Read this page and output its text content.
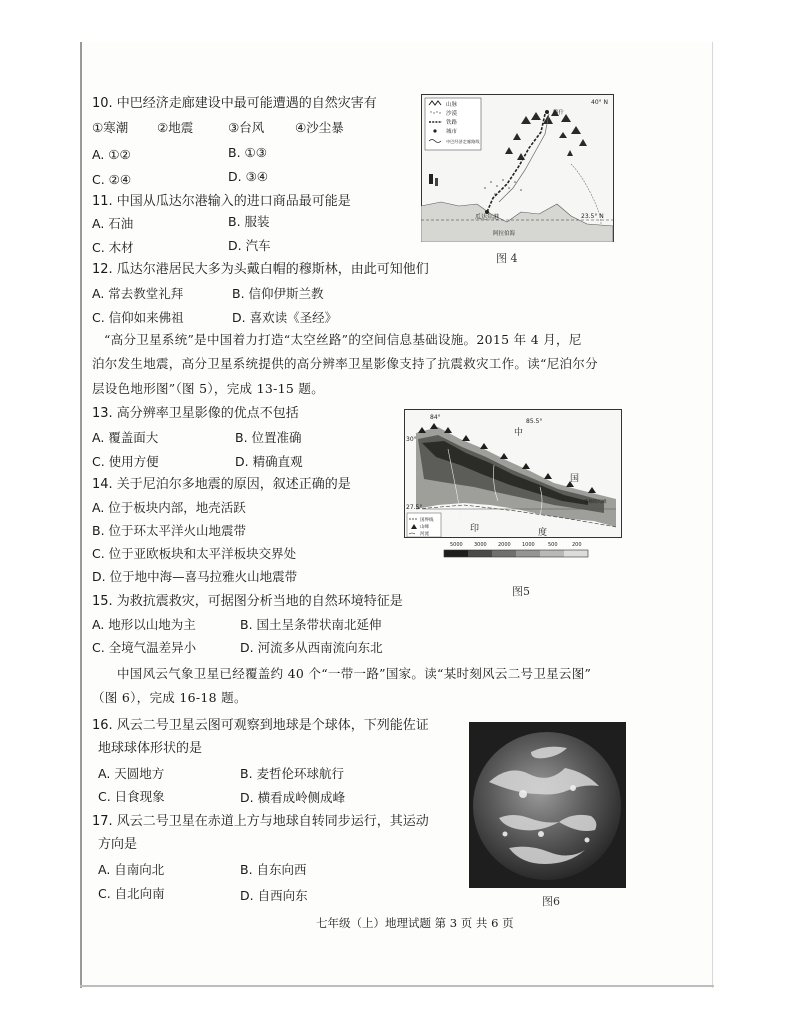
10. 中巴经济走廊建设中最可能遭遇的自然灾害有
①寒潮 ②地震	③台风 ④沙尘暴
A. ①②	B. ①③
C. ②④	D. ③④
11. 中国从瓜达尔港输入的进口商品最可能是
A. 石油	B. 服装
C. 木材	D. 汽车
12. 瓜达尔港居民大多为头戴白帽的穆斯林，由此可知他们
A. 常去教堂礼拜	B. 信仰伊斯兰教
C. 信仰如来佛祖	D. 喜欢读《圣经》
山脉
沙漠
铁路
城市
中巴经济走廊路线
喀什
瓜达尔港
阿拉伯海
40° N
23.5° N
图 4
“高分卫星系统”是中国着力打造“太空丝路”的空间信息基础设施。2015 年 4 月，尼
泊尔发生地震，高分卫星系统提供的高分辨率卫星影像支持了抗震救灾工作。读“尼泊尔分
层设色地形图”（图 5），完成 13-15 题。
13. 高分辨率卫星影像的优点不包括
A. 覆盖面大	B. 位置准确
C. 使用方便	D. 精确直观
14. 关于尼泊尔多地震的原因，叙述正确的是
A. 位于板块内部，地壳活跃
B. 位于环太平洋火山地震带
C. 位于亚欧板块和太平洋板块交界处
D. 位于地中海—喜马拉雅火山地震带
国界线
山峰
河流
84°
85.5°
30°
27.5°
中
国
印	度
珠穆朗玛峰
5000 3000 2000 1000	500	200
图5
15. 为救抗震救灾，可据图分析当地的自然环境特征是
A. 地形以山地为主	B. 国土呈条带状南北延伸
C. 全境气温差异小	D. 河流多从西南流向东北
中国风云气象卫星已经覆盖约 40 个“一带一路”国家。读“某时刻风云二号卫星云图”
（图 6），完成 16-18 题。
16. 风云二号卫星云图可观察到地球是个球体，下列能佐证
地球球体形状的是
A. 天圆地方	B. 麦哲伦环球航行
C. 日食现象	D. 横看成岭侧成峰
17. 风云二号卫星在赤道上方与地球自转同步运行，其运动
方向是
A. 自南向北	B. 自东向西
C. 自北向南	D. 自西向东	图6
七年级（上）地理试题 第 3 页 共 6 页
